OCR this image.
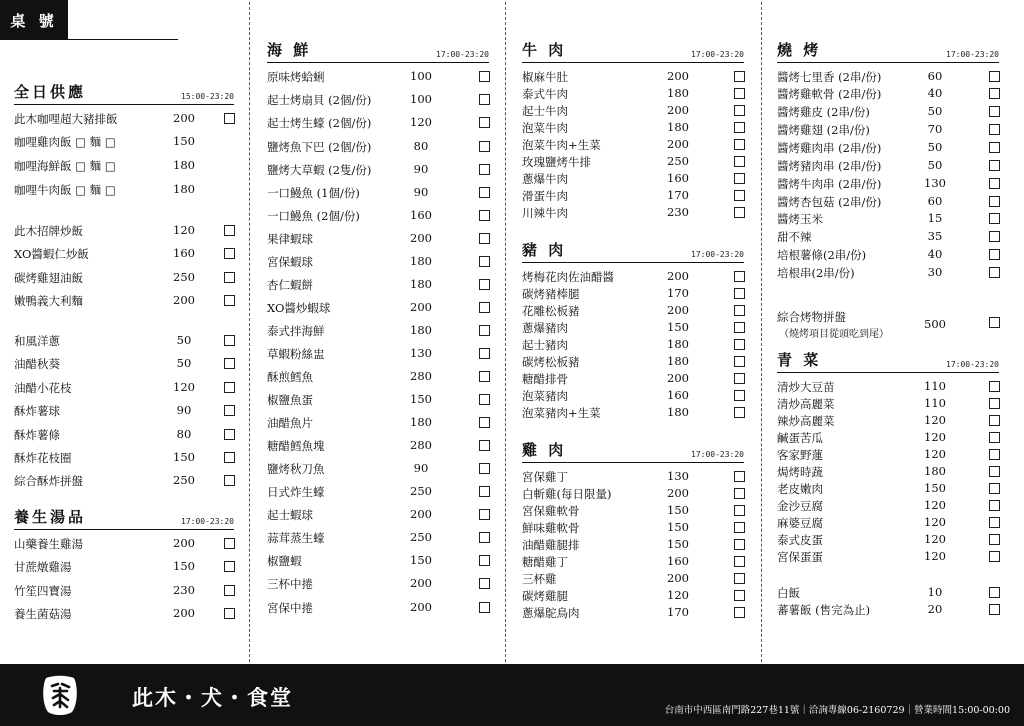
桌 號
全日供應	15:00-23:20
此木咖哩超大豬排飯	200
咖哩雞肉飯 □ 麵 □	150
咖哩海鮮飯 □ 麵 □	180
咖哩牛肉飯 □ 麵 □	180
此木招牌炒飯	120
XO醬蝦仁炒飯	160
碳烤雞翅油飯	250
嫩鴨義大利麵	200
和風洋蔥	50
油醋秋葵	50
油醋小花枝	120
酥炸薯球	90
酥炸薯條	80
酥炸花枝圈	150
綜合酥炸拼盤	250
養生湯品	17:00-23:20
山藥養生雞湯	200
甘蔗燉雞湯	150
竹笙四寶湯	230
養生菌菇湯	200
海 鮮	17:00-23:20
原味烤蛤蜊	100
起士烤扇貝 (2個/份)	100
起士烤生蠔 (2個/份)	120
鹽烤魚下巴 (2個/份)	80
鹽烤大草蝦 (2隻/份)	90
一口鰻魚 (1個/份)	90
一口鰻魚 (2個/份)	160
果律蝦球	200
宮保蝦球	180
杏仁蝦餅	180
XO醬炒蝦球	200
泰式拌海鮮	180
草蝦粉絲盅	130
酥煎鱈魚	280
椒鹽魚蛋	150
油醋魚片	180
糖醋鱈魚塊	280
鹽烤秋刀魚	90
日式炸生蠔	250
起士蝦球	200
蒜茸蒸生蠔	250
椒鹽蝦	150
三杯中捲	200
宮保中捲	200
牛 肉	17:00-23:20
椒麻牛肚	200
泰式牛肉	180
起士牛肉	200
泡菜牛肉	180
泡菜牛肉+生菜	200
玫瑰鹽烤牛排	250
蔥爆牛肉	160
滑蛋牛肉	170
川辣牛肉	230
豬 肉	17:00-23:20
烤梅花肉佐油醋醬	200
碳烤豬棒腿	170
花雕松板豬	200
蔥爆豬肉	150
起士豬肉	180
碳烤松板豬	180
糖醋排骨	200
泡菜豬肉	160
泡菜豬肉+生菜	180
雞 肉	17:00-23:20
宮保雞丁	130
白斬雞(每日限量)	200
宮保雞軟骨	150
鮮味雞軟骨	150
油醋雞腿排	150
糖醋雞丁	160
三杯雞	200
碳烤雞腿	120
蔥爆鴕鳥肉	170
燒 烤	17:00-23:20
醬烤七里香 (2串/份)	60
醬烤雞軟骨 (2串/份)	40
醬烤雞皮 (2串/份)	50
醬烤雞翅 (2串/份)	70
醬烤雞肉串 (2串/份)	50
醬烤豬肉串 (2串/份)	50
醬烤牛肉串 (2串/份)	130
醬烤杏包菇 (2串/份)	60
醬烤玉米	15
甜不辣	35
培根薯條(2串/份)	40
培根串(2串/份)	30
綜合烤物拼盤	500
（燒烤項目從頭吃到尾）
青 菜	17:00-23:20
清炒大豆苗	110
清炒高麗菜	110
辣炒高麗菜	120
鹹蛋苦瓜	120
客家野蓮	120
焗烤時蔬	180
老皮嫩肉	150
金沙豆腐	120
麻婆豆腐	120
泰式皮蛋	120
宮保蛋蛋	120
白飯	10
蕃薯飯 (售完為止)	20
此木・犬・食堂
台南市中西區南門路227巷11號｜洽詢專線06-2160729｜營業時間15:00-00:00
